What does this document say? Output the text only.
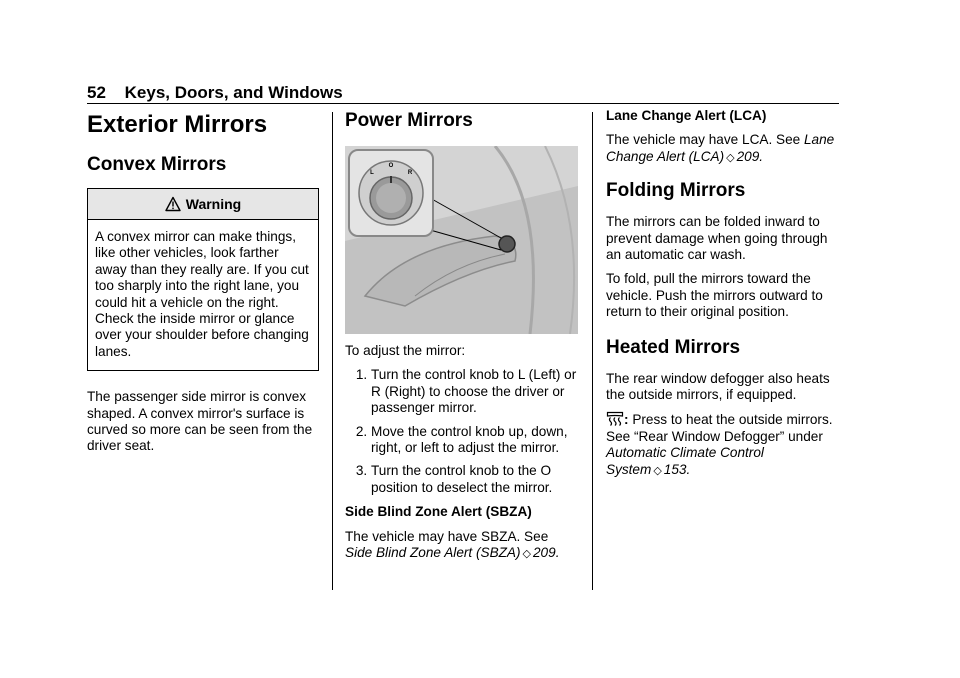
52 Keys, Doors, and Windows
Exterior Mirrors
Convex Mirrors
Warning
A convex mirror can make things, like other vehicles, look farther away than they really are. If you cut too sharply into the right lane, you could hit a vehicle on the right. Check the inside mirror or glance over your shoulder before changing lanes.

The passenger side mirror is convex shaped. A convex mirror's surface is curved so more can be seen from the driver seat.

Power Mirrors
L
O
R

To adjust the mirror:

1. Turn the control knob to L (Left) or R (Right) to choose the driver or passenger mirror.
2. Move the control knob up, down, right, or left to adjust the mirror.
3. Turn the control knob to the O position to deselect the mirror.
Side Blind Zone Alert (SBZA)

The vehicle may have SBZA. See Side Blind Zone Alert (SBZA) ◇ 209.

Lane Change Alert (LCA)

The vehicle may have LCA. See Lane Change Alert (LCA) ◇ 209.

Folding Mirrors

The mirrors can be folded inward to prevent damage when going through an automatic car wash.

To fold, pull the mirrors toward the vehicle. Push the mirrors outward to return to their original position.

Heated Mirrors

The rear window defogger also heats the outside mirrors, if equipped.

: Press to heat the outside mirrors. See “Rear Window Defogger” under Automatic Climate Control System ◇ 153.
